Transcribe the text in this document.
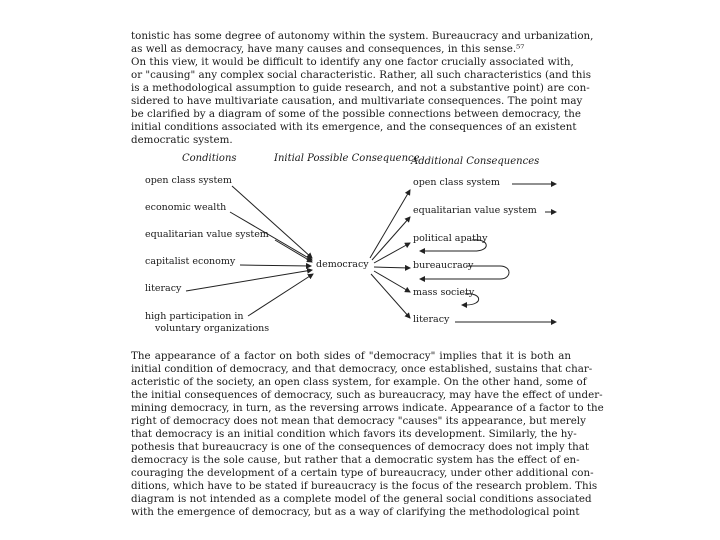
tonistic has some degree of autonomy within the system. Bureaucracy and urbanization,
as well as democracy, have many causes and consequences, in this sense.⁵⁷
On this view, it would be difficult to identify any one factor crucially associated with,
or "causing" any complex social characteristic. Rather, all such characteristics (and this
is a methodological assumption to guide research, and not a substantive point) are con-
sidered to have multivariate causation, and multivariate consequences. The point may
be clarified by a diagram of some of the possible connections between democracy, the
initial conditions associated with its emergence, and the consequences of an existent
democratic system.
Conditions	Initial Possible Consequence
Additional Consequences
open class system
economic wealth
equalitarian value system
capitalist economy
literacy
high participation in
voluntary organizations
democracy
open class system
equalitarian value system
political apathy
bureaucracy
mass society
literacy
The appearance of a factor on both sides of "democracy" implies that it is both an
initial condition of democracy, and that democracy, once established, sustains that char-
acteristic of the society, an open class system, for example. On the other hand, some of
the initial consequences of democracy, such as bureaucracy, may have the effect of under-
mining democracy, in turn, as the reversing arrows indicate. Appearance of a factor to the
right of democracy does not mean that democracy "causes" its appearance, but merely
that democracy is an initial condition which favors its development. Similarly, the hy-
pothesis that bureaucracy is one of the consequences of democracy does not imply that
democracy is the sole cause, but rather that a democratic system has the effect of en-
couraging the development of a certain type of bureaucracy, under other additional con-
ditions, which have to be stated if bureaucracy is the focus of the research problem. This
diagram is not intended as a complete model of the general social conditions associated
with the emergence of democracy, but as a way of clarifying the methodological point
